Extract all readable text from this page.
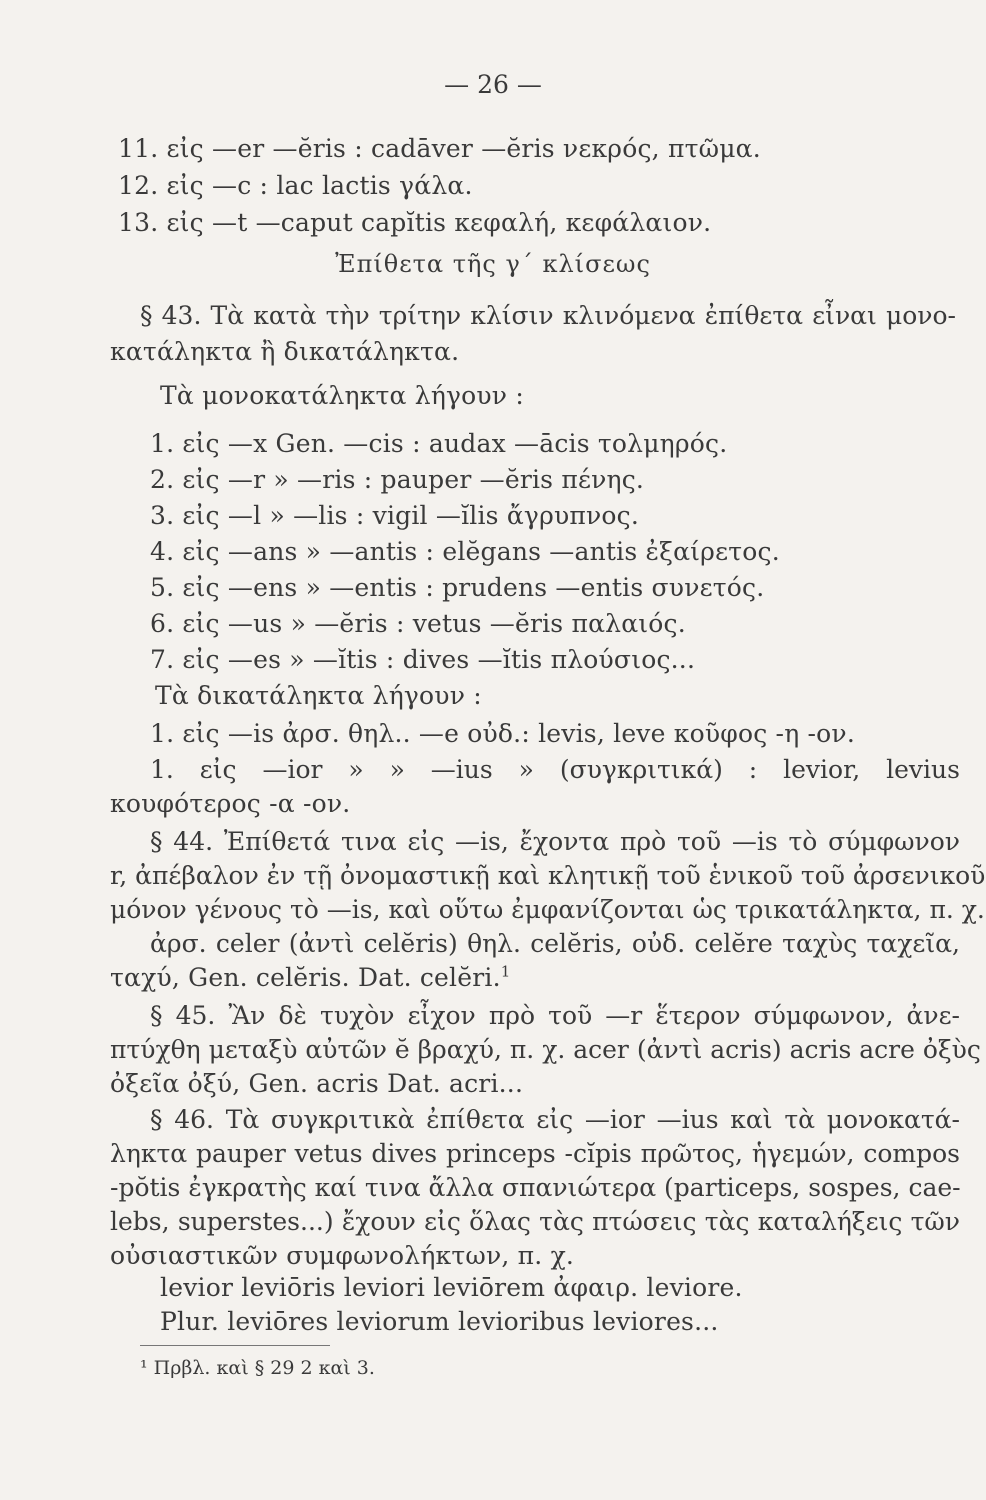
— 26 —
11. εἰς —er —ĕris : cadāver —ĕris νεκρός, πτῶμα.
12. εἰς —c : lac lactis γάλα.
13. εἰς —t —caput capĭtis κεφαλή, κεφάλαιον.
Ἐπίθετα τῆς γ΄ κλίσεως
§ 43. Τὰ κατὰ τὴν τρίτην κλίσιν κλινόμενα ἐπίθετα εἶναι μονο-
κατάληκτα ἢ δικατάληκτα.
Τὰ μονοκατάληκτα λήγουν :
1. εἰς —x Gen. —cis : audax —ācis τολμηρός.
2. εἰς —r » —ris : pauper —ĕris πένης.
3. εἰς —l » —lis : vigil —ĭlis ἄγρυπνος.
4. εἰς —ans » —antis : elĕgans —antis ἐξαίρετος.
5. εἰς —ens » —entis : prudens —entis συνετός.
6. εἰς —us » —ĕris : vetus —ĕris παλαιός.
7. εἰς —es » —ĭtis : dives —ĭtis πλούσιος...
Τὰ δικατάληκτα λήγουν :
1. εἰς —is ἀρσ. θηλ.. —e οὐδ.: levis, leve κοῦφος -η -ον.
1. εἰς —ior » » —ius » (συγκριτικά) : levior, levius
κουφότερος -α -ον.
§ 44. Ἐπίθετά τινα εἰς —is, ἔχοντα πρὸ τοῦ —is τὸ σύμφωνον
r, ἀπέβαλον ἐν τῇ ὀνομαστικῇ καὶ κλητικῇ τοῦ ἑνικοῦ τοῦ ἀρσενικοῦ
μόνον γένους τὸ —is, καὶ οὕτω ἐμφανίζονται ὡς τρικατάληκτα, π. χ.
ἀρσ. celer (ἀντὶ celĕris) θηλ. celĕris, οὐδ. celĕre ταχὺς ταχεῖα,
ταχύ, Gen. celĕris. Dat. celĕri.$^1$
§ 45. Ἂν δὲ τυχὸν εἶχον πρὸ τοῦ —r ἕτερον σύμφωνον, ἀνε-
πτύχθη μεταξὺ αὐτῶν ĕ βραχύ, π. χ. acer (ἀντὶ acris) acris acre ὀξὺς
ὀξεῖα ὀξύ, Gen. acris Dat. acri...
§ 46. Τὰ συγκριτικὰ ἐπίθετα εἰς —ior —ius καὶ τὰ μονοκατά-
ληκτα pauper vetus dives princeps -cĭpis πρῶτος, ἡγεμών, compos
-pŏtis ἐγκρατὴς καί τινα ἄλλα σπανιώτερα (particeps, sospes, cae-
lebs, superstes...) ἔχουν εἰς ὅλας τὰς πτώσεις τὰς καταλήξεις τῶν
οὐσιαστικῶν συμφωνολήκτων, π. χ.
levior leviōris leviori leviōrem ἀφαιρ. leviore.
Plur. leviōres leviorum levioribus leviores...
¹ Πρβλ. καὶ § 29 2 καὶ 3.
